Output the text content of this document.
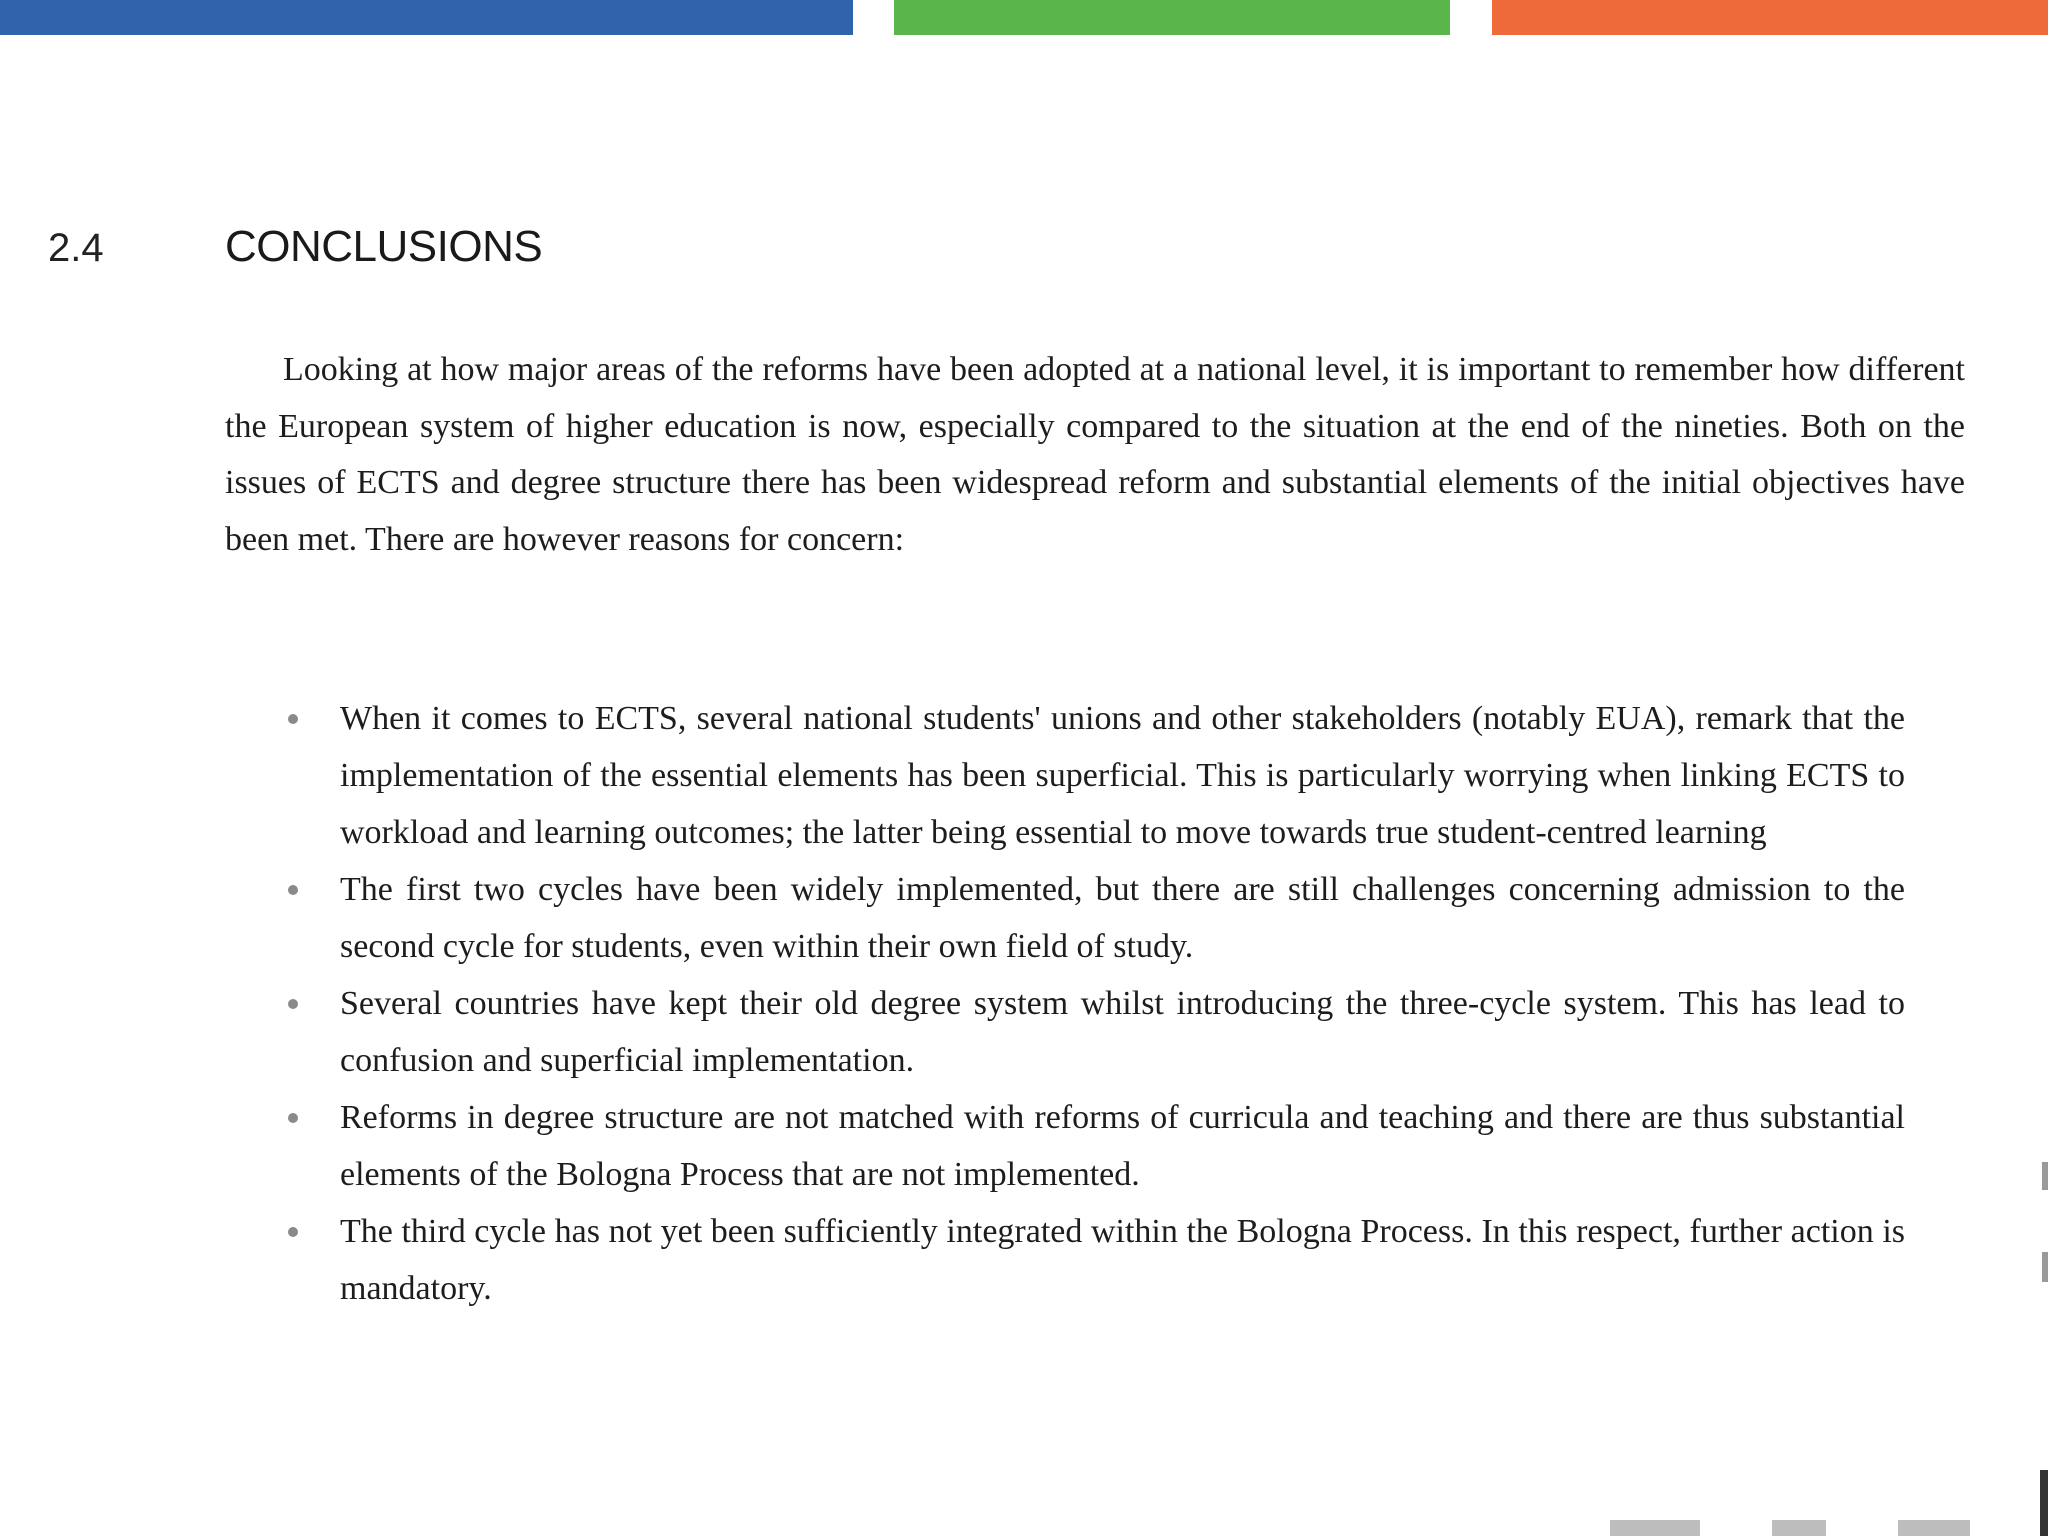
2.4	CONCLUSIONS

Looking at how major areas of the reforms have been adopted at a national level, it is important to remember how different the European system of higher education is now, especially compared to the situation at the end of the nineties. Both on the issues of ECTS and degree structure there has been widespread reform and substantial elements of the initial objectives have been met. There are however reasons for concern:

When it comes to ECTS, several national students' unions and other stakeholders (notably EUA), remark that the implementation of the essential elements has been superficial. This is particularly worrying when linking ECTS to workload and learning outcomes; the latter being essential to move towards true student-centred learning
The first two cycles have been widely implemented, but there are still challenges concerning admission to the second cycle for students, even within their own field of study.
Several countries have kept their old degree system whilst introducing the three-cycle system. This has lead to confusion and superficial implementation.
Reforms in degree structure are not matched with reforms of curricula and teaching and there are thus substantial elements of the Bologna Process that are not implemented.
The third cycle has not yet been sufficiently integrated within the Bologna Process. In this respect, further action is mandatory.
